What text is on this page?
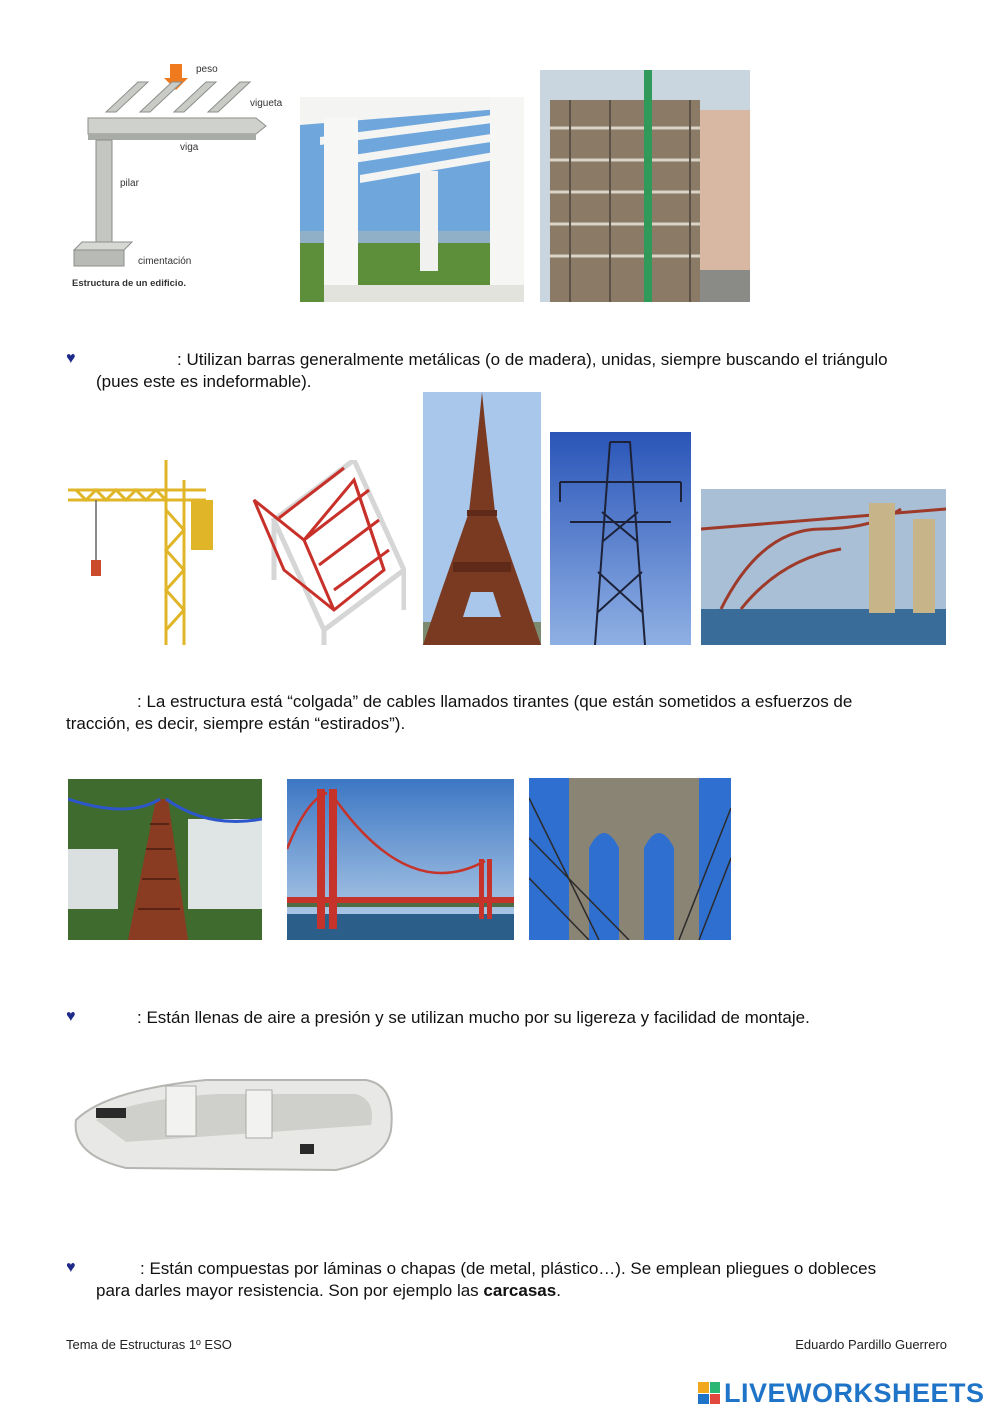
peso
vigueta
viga
pilar
cimentación
Estructura de un edificio.
♥	: Utilizan barras generalmente metálicas (o de madera), unidas, siempre buscando el triángulo
(pues este es indeformable).
: La estructura está “colgada” de cables llamados tirantes (que están sometidos a esfuerzos de
tracción, es decir, siempre están “estirados”).
♥	: Están llenas de aire a presión y se utilizan mucho por su ligereza y facilidad de montaje.
♥	: Están compuestas por láminas o chapas (de metal, plástico…). Se emplean pliegues o dobleces
para darles mayor resistencia. Son por ejemplo las carcasas.
Tema de Estructuras 1º ESO	Eduardo Pardillo Guerrero
LIVEWORKSHEETS
